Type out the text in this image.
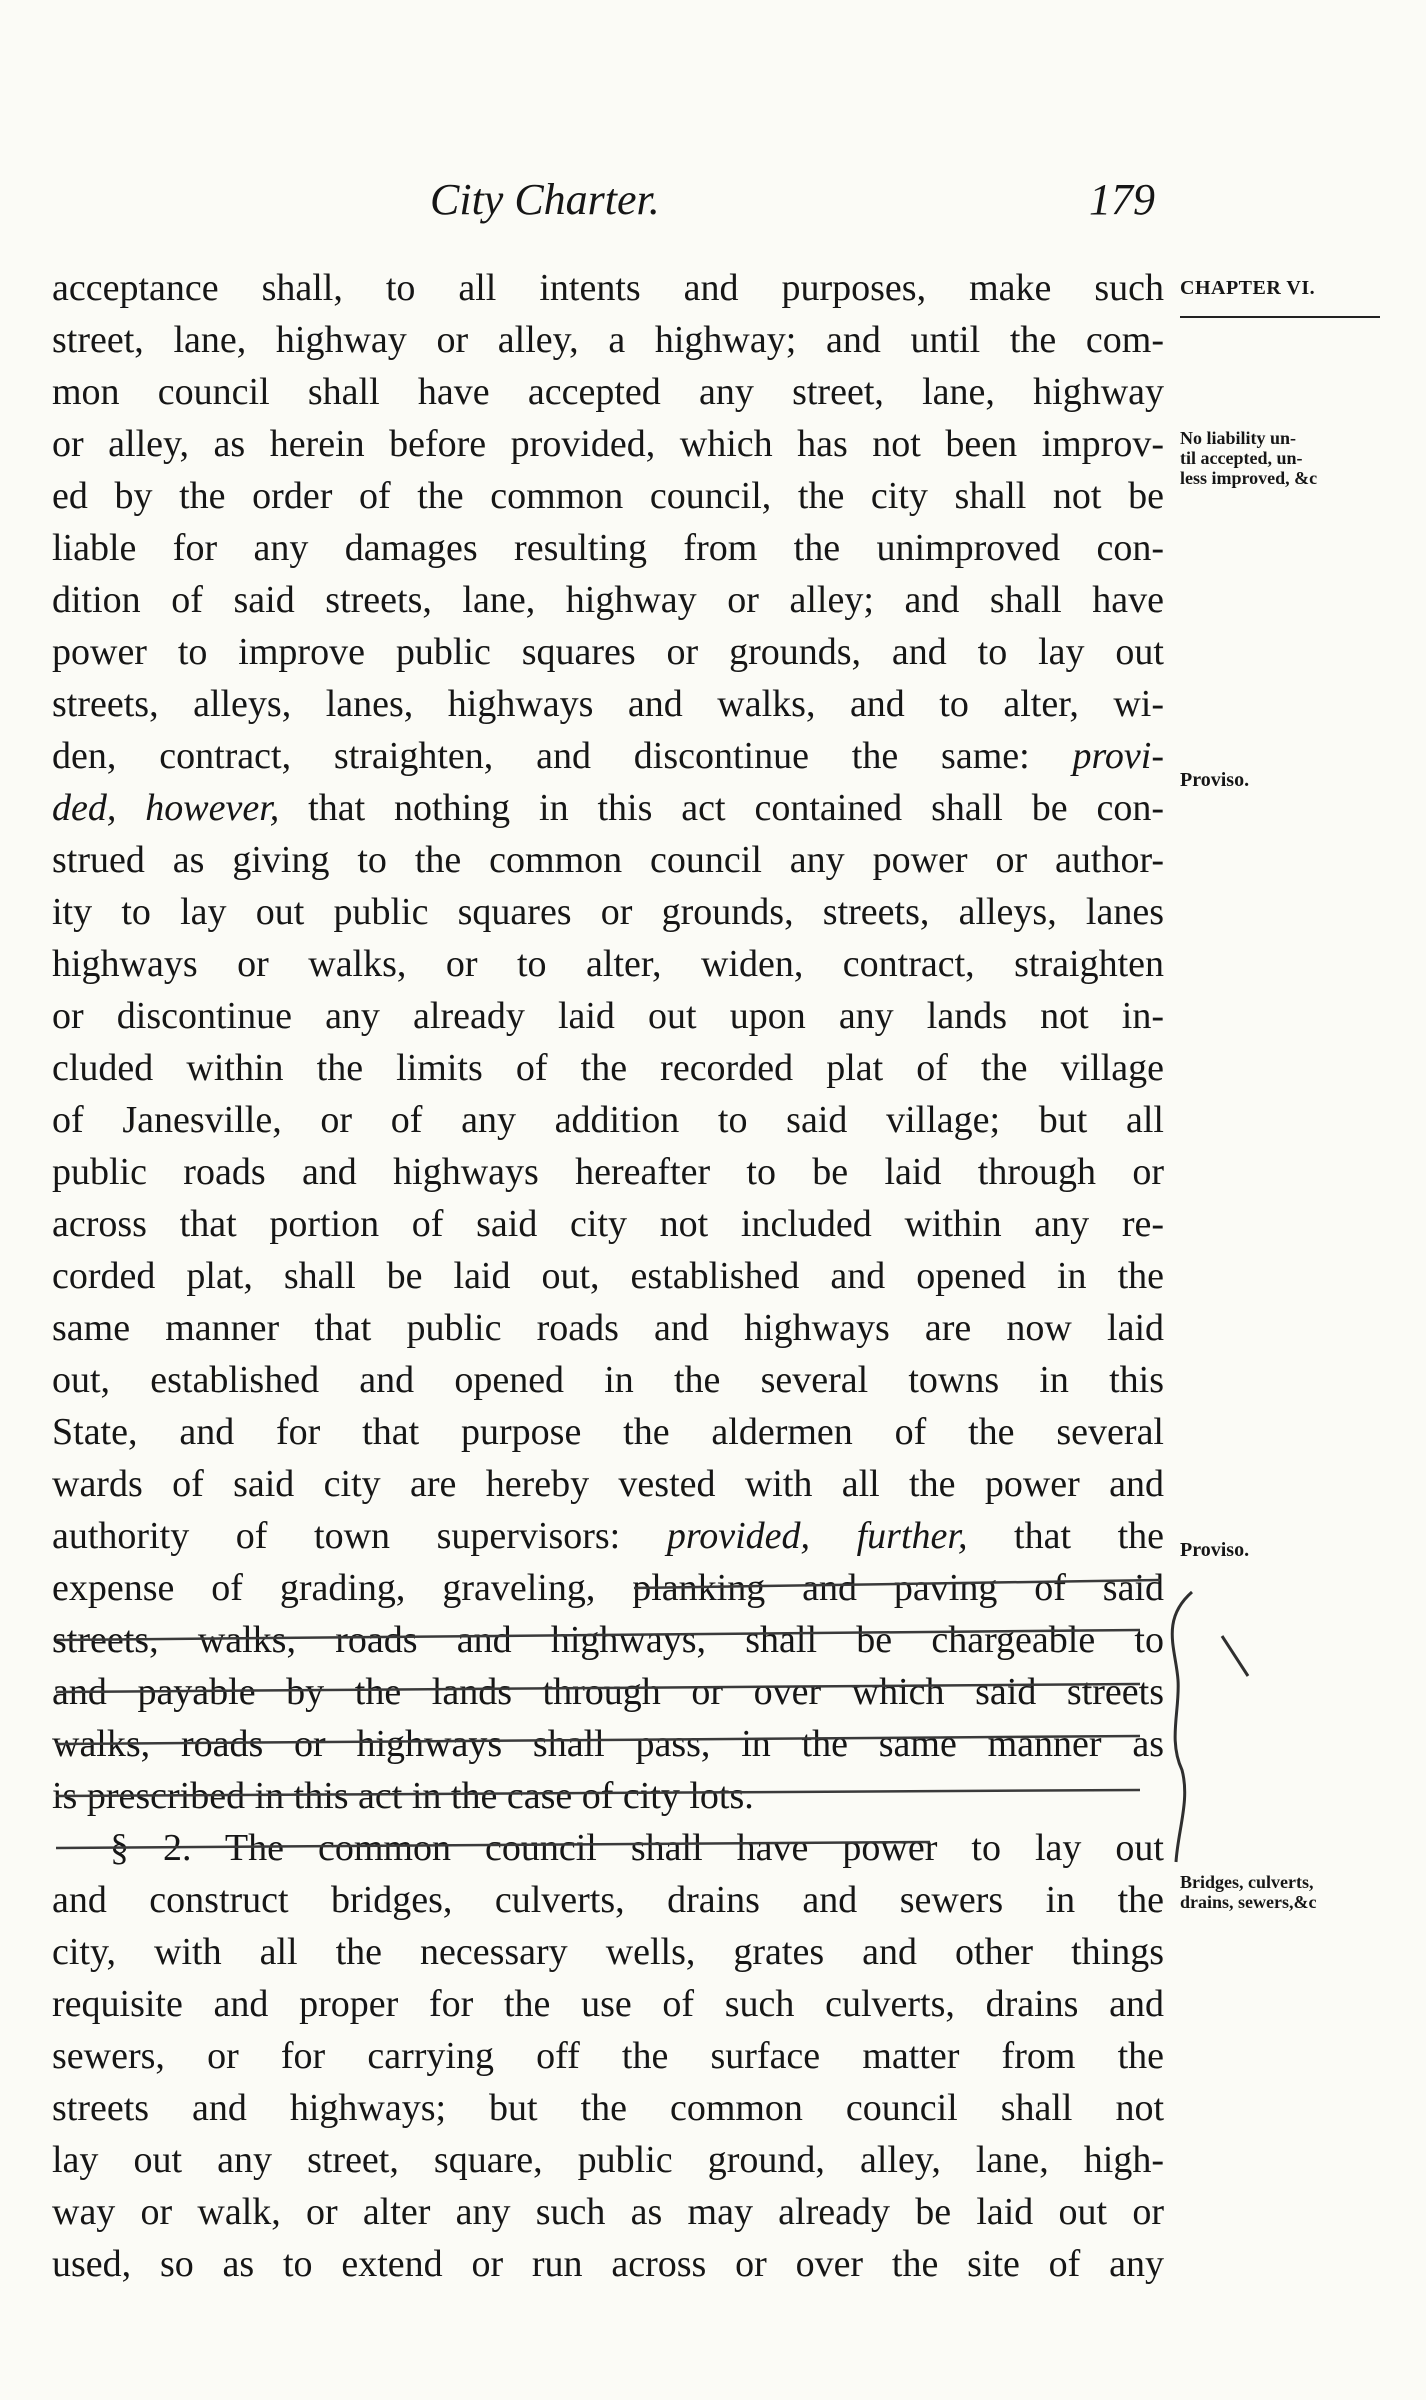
City Charter.	179
acceptance shall, to all intents and purposes, make such
street, lane, highway or alley, a highway; and until the com-
mon council shall have accepted any street, lane, highway
or alley, as herein before provided, which has not been improv-
ed by the order of the common council, the city shall not be
liable for any damages resulting from the unimproved con-
dition of said streets, lane, highway or alley; and shall have
power to improve public squares or grounds, and to lay out
streets, alleys, lanes, highways and walks, and to alter, wi-
den, contract, straighten, and discontinue the same: provi-
ded, however, that nothing in this act contained shall be con-
strued as giving to the common council any power or author-
ity to lay out public squares or grounds, streets, alleys, lanes
highways or walks, or to alter, widen, contract, straighten
or discontinue any already laid out upon any lands not in-
cluded within the limits of the recorded plat of the village
of Janesville, or of any addition to said village; but all
public roads and highways hereafter to be laid through or
across that portion of said city not included within any re-
corded plat, shall be laid out, established and opened in the
same manner that public roads and highways are now laid
out, established and opened in the several towns in this
State, and for that purpose the aldermen of the several
wards of said city are hereby vested with all the power and
authority of town supervisors: provided, further, that the
expense of grading, graveling, planking and paving of said
streets, walks, roads and highways, shall be chargeable to
and payable by the lands through or over which said streets
walks, roads or highways shall pass, in the same manner as
is prescribed in this act in the case of city lots.
§ 2. The common council shall have power to lay out
and construct bridges, culverts, drains and sewers in the
city, with all the necessary wells, grates and other things
requisite and proper for the use of such culverts, drains and
sewers, or for carrying off the surface matter from the
streets and highways; but the common council shall not
lay out any street, square, public ground, alley, lane, high-
way or walk, or alter any such as may already be laid out or
used, so as to extend or run across or over the site of any
CHAPTER VI.
No liability un-
til accepted, un-
less improved, &c
Proviso.
Proviso.
Bridges, culverts,
drains, sewers,&c
